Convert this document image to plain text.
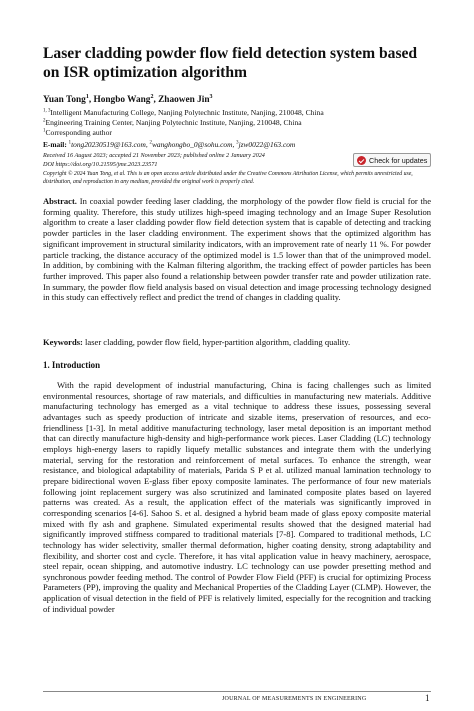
Laser cladding powder flow field detection system based on ISR optimization algorithm
Yuan Tong$^1$, Hongbo Wang$^2$, Zhaowen Jin$^3$
$^{1, 3}$Intelligent Manufacturing College, Nanjing Polytechnic Institute, Nanjing, 210048, China
$^2$Engineering Training Center, Nanjing Polytechnic Institute, Nanjing, 210048, China
$^1$Corresponding author
E-mail: $^1$tong20230519@163.com, $^2$wanghongbo_0@sohu.com, $^3$jzw0022@163.com
Received 16 August 2023; accepted 21 November 2023; published online 2 January 2024
DOI https://doi.org/10.21595/jme.2023.23571	Check for updates
Copyright © 2024 Yuan Tong, et al. This is an open access article distributed under the Creative Commons Attribution License, which permits unrestricted use, distribution, and reproduction in any medium, provided the original work is properly cited.
Abstract. In coaxial powder feeding laser cladding, the morphology of the powder flow field is crucial for the forming quality. Therefore, this study utilizes high-speed imaging technology and an Image Super Resolution algorithm to create a laser cladding powder flow field detection system that is capable of detecting and tracking powder particles in the laser cladding environment. The experiment shows that the optimized algorithm has significant improvement in structural similarity indicators, with an improvement rate of nearly 11 %. For powder particle tracking, the distance accuracy of the optimized model is 1.5 lower than that of the unimproved model. In addition, by combining with the Kalman filtering algorithm, the tracking effect of powder particles has been further improved. This paper also found a relationship between powder transfer rate and powder utilization rate. In summary, the powder flow field analysis based on visual detection and image processing technology designed in this study can effectively reflect and predict the trend of changes in cladding quality.
Keywords: laser cladding, powder flow field, hyper-partition algorithm, cladding quality.
1. Introduction
With the rapid development of industrial manufacturing, China is facing challenges such as limited environmental resources, shortage of raw materials, and difficulties in manufacturing new materials. Additive manufacturing technology has emerged as a vital technique to address these issues, possessing several advantages such as speedy production of intricate and sizable items, preservation of resources, and eco-friendliness [1-3]. In metal additive manufacturing technology, laser metal deposition is an important method that can directly manufacture high-density and high-performance work pieces. Laser Cladding (LC) technology employs high-energy lasers to rapidly liquefy metallic substances and integrate them with the underlying material, serving for the restoration and reinforcement of metal surfaces. To enhance the strength, wear resistance, and biological adaptability of materials, Parida S P et al. utilized manual lamination technology to prepare bidirectional woven E-glass fiber epoxy composite laminates. The performance of four new materials following joint replacement surgery was also scrutinized and laminated composite plates based on layered patterns was created. As a result, the application effect of the materials was significantly improved in corresponding scenarios [4-6]. Sahoo S. et al. designed a hybrid beam made of glass epoxy composite material mixed with fly ash and graphene. Simulated experimental results showed that the designed material had significantly improved stiffness compared to traditional materials [7-8]. Compared to traditional methods, LC technology has wider selectivity, smaller thermal deformation, higher coating density, strong adaptability and flexibility, and shorter cost and cycle. Therefore, it has vital application value in heavy machinery, aerospace, steel repair, ocean shipping, and automotive industry. LC technology can use powder presetting method and synchronous powder feeding method. The control of Powder Flow Field (PFF) is crucial for optimizing Process Parameters (PP), improving the quality and Mechanical Properties of the Cladding Layer (CLMP). However, the application of visual detection in the field of PFF is relatively limited, especially for the recognition and tracking of individual powder
JOURNAL OF MEASUREMENTS IN ENGINEERING	1
